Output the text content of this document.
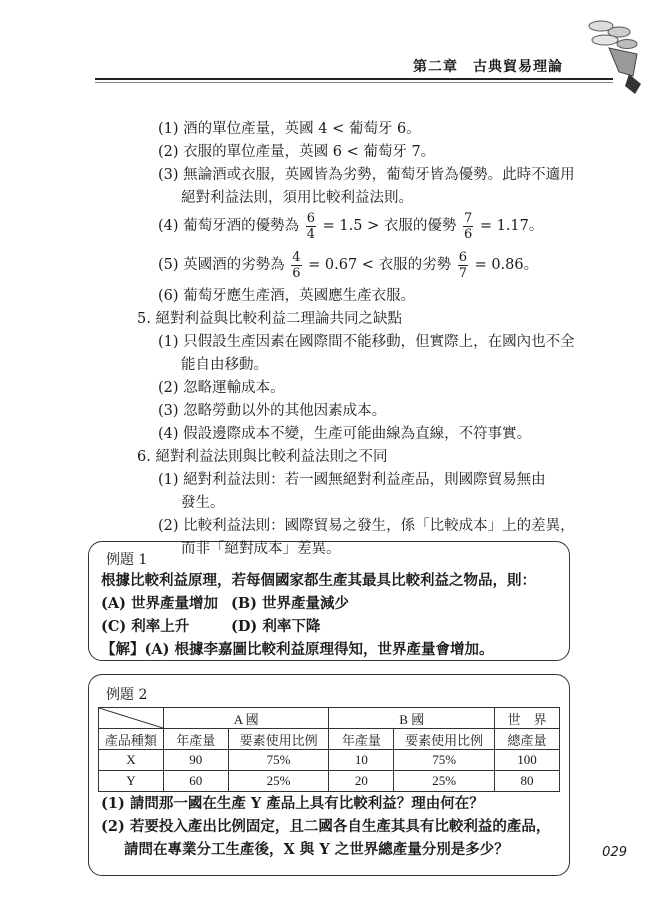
第二章　古典貿易理論
(1) 酒的單位產量，英國 4 < 葡萄牙 6。
(2) 衣服的單位產量，英國 6 < 葡萄牙 7。
(3) 無論酒或衣服，英國皆為劣勢，葡萄牙皆為優勢。此時不適用
絕對利益法則，須用比較利益法則。
(4) 葡萄牙酒的優勢為 $\frac{6}{4} = 1.5$ > 衣服的優勢 $\frac{7}{6} = 1.17$。
(5) 英國酒的劣勢為 $\frac{4}{6} = 0.67$ < 衣服的劣勢 $\frac{6}{7} = 0.86$。
(6) 葡萄牙應生產酒，英國應生產衣服。
5. 絕對利益與比較利益二理論共同之缺點
(1) 只假設生產因素在國際間不能移動，但實際上，在國內也不全
能自由移動。
(2) 忽略運輸成本。
(3) 忽略勞動以外的其他因素成本。
(4) 假設邊際成本不變，生產可能曲線為直線，不符事實。
6. 絕對利益法則與比較利益法則之不同
(1) 絕對利益法則：若一國無絕對利益產品，則國際貿易無由
發生。
(2) 比較利益法則：國際貿易之發生，係「比較成本」上的差異，
而非「絕對成本」差異。
例題 1
根據比較利益原理，若每個國家都生產其最具比較利益之物品，則：
(A) 世界產量增加 (B) 世界產量減少
(C) 利率上升	(D) 利率下降
【解】(A) 根據李嘉圖比較利益原理得知，世界產量會增加。
例題 2
	A 國		B 國		世　界
產品種類	年產量	要素使用比例	年產量	要素使用比例	總產量
X	90	75%	10	75%	100
Y	60	25%	20	25%	80
(1) 請問那一國在生產 Y 產品上具有比較利益？理由何在？
(2) 若要投入產出比例固定，且二國各自生產其具有比較利益的產品，
請問在專業分工生產後，X 與 Y 之世界總產量分別是多少？	029
